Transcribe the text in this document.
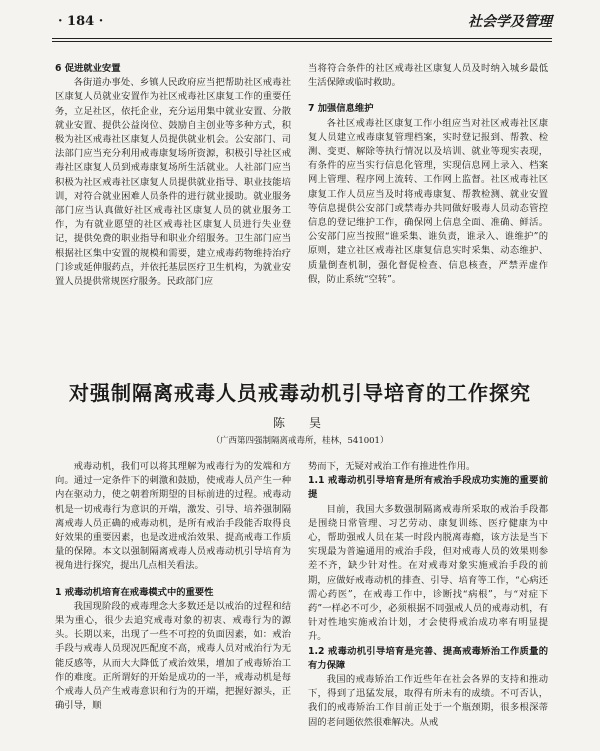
· 184 ·	社会学及管理
6 促进就业安置

各街道办事处、乡镇人民政府应当把帮助社区戒毒社区康复人员就业安置作为社区戒毒社区康复工作的重要任务，立足社区，依托企业，充分运用集中就业安置、分散就业安置、提供公益岗位、鼓励自主创业等多种方式，积极为社区戒毒社区康复人员提供就业机会。公安部门、司法部门应当充分利用戒毒康复场所资源，积极引导社区戒毒社区康复人员到戒毒康复场所生活就业。人社部门应当积极为社区戒毒社区康复人员提供就业指导、职业技能培训，对符合就业困难人员条件的进行就业援助。就业服务部门应当认真做好社区戒毒社区康复人员的就业服务工作，为有就业愿望的社区戒毒社区康复人员进行失业登记，提供免费的职业指导和职业介绍服务。卫生部门应当根据社区集中安置的规模和需要，建立戒毒药物维持治疗门诊或延伸服药点，并依托基层医疗卫生机构，为就业安置人员提供常规医疗服务。民政部门应

当将符合条件的社区戒毒社区康复人员及时纳入城乡最低生活保障或临时救助。

7 加强信息维护

各社区戒毒社区康复工作小组应当对社区戒毒社区康复人员建立戒毒康复管理档案，实时登记报到、帮教、检测、变更、解除等执行情况以及培训、就业等现实表现，有条件的应当实行信息化管理，实现信息网上录入、档案网上管理、程序网上流转、工作网上监督。社区戒毒社区康复工作人员应当及时将戒毒康复、帮教检测、就业安置等信息提供公安部门或禁毒办共同做好吸毒人员动态管控信息的登记维护工作，确保网上信息全面、准确、鲜活。公安部门应当按照“谁采集、谁负责，谁录入、谁维护”的原则，建立社区戒毒社区康复信息实时采集、动态维护、质量倒查机制，强化督促检查、信息核查，严禁弄虚作假，防止系统“空转”。

对强制隔离戒毒人员戒毒动机引导培育的工作探究
陈　昊
（广西第四强制隔离戒毒所，桂林，541001）

戒毒动机，我们可以将其理解为戒毒行为的发端和方向。通过一定条件下的刺激和鼓励，使戒毒人员产生一种内在驱动力，使之朝着所期望的目标前进的过程。戒毒动机是一切戒毒行为意识的开端，激发、引导、培养强制隔离戒毒人员正确的戒毒动机，是所有戒治手段能否取得良好效果的重要因素，也是改进戒治效果、提高戒毒工作质量的保障。本文以强制隔离戒毒人员戒毒动机引导培育为视角进行探究，提出几点相关看法。

1 戒毒动机培育在戒毒模式中的重要性

我国现阶段的戒毒理念大多数还是以戒治的过程和结果为重心，很少去追究戒毒对象的初衷、戒毒行为的源头。长期以来，出现了一些不可控的负面因素，如：戒治手段与戒毒人员现况匹配度不高，戒毒人员对戒治行为无能反感等，从而大大降低了戒治效果，增加了戒毒矫治工作的难度。正所谓好的开始是成功的一半，戒毒动机是每个戒毒人员产生戒毒意识和行为的开端，把握好源头，正确引导，顺

势而下，无疑对戒治工作有推进性作用。

1.1 戒毒动机引导培育是所有戒治手段成功实施的重要前提

目前，我国大多数强制隔离戒毒所采取的戒治手段都是围绕日常管理、习艺劳动、康复训练、医疗健康为中心，帮助强戒人员在某一时段内脱离毒瘾，该方法是当下实现最为普遍通用的戒治手段，但对戒毒人员的效果则参差不齐，缺少针对性。在对戒毒对象实施戒治手段的前期，应做好戒毒动机的排查、引导、培育等工作，“心病还需心药医”，在戒毒工作中，诊断找“病根”，与“对症下药”一样必不可少，必须根据不同强戒人员的戒毒动机，有针对性地实施戒治计划，才会使得戒治成功率有明显提升。

1.2 戒毒动机引导培育是完善、提高戒毒矫治工作质量的有力保障

我国的戒毒矫治工作近些年在社会各界的支持和推动下，得到了迅猛发展，取得有所未有的成绩。不可否认，我们的戒毒矫治工作目前正处于一个瓶颈期，很多根深蒂固的老问题依然很难解决。从戒
